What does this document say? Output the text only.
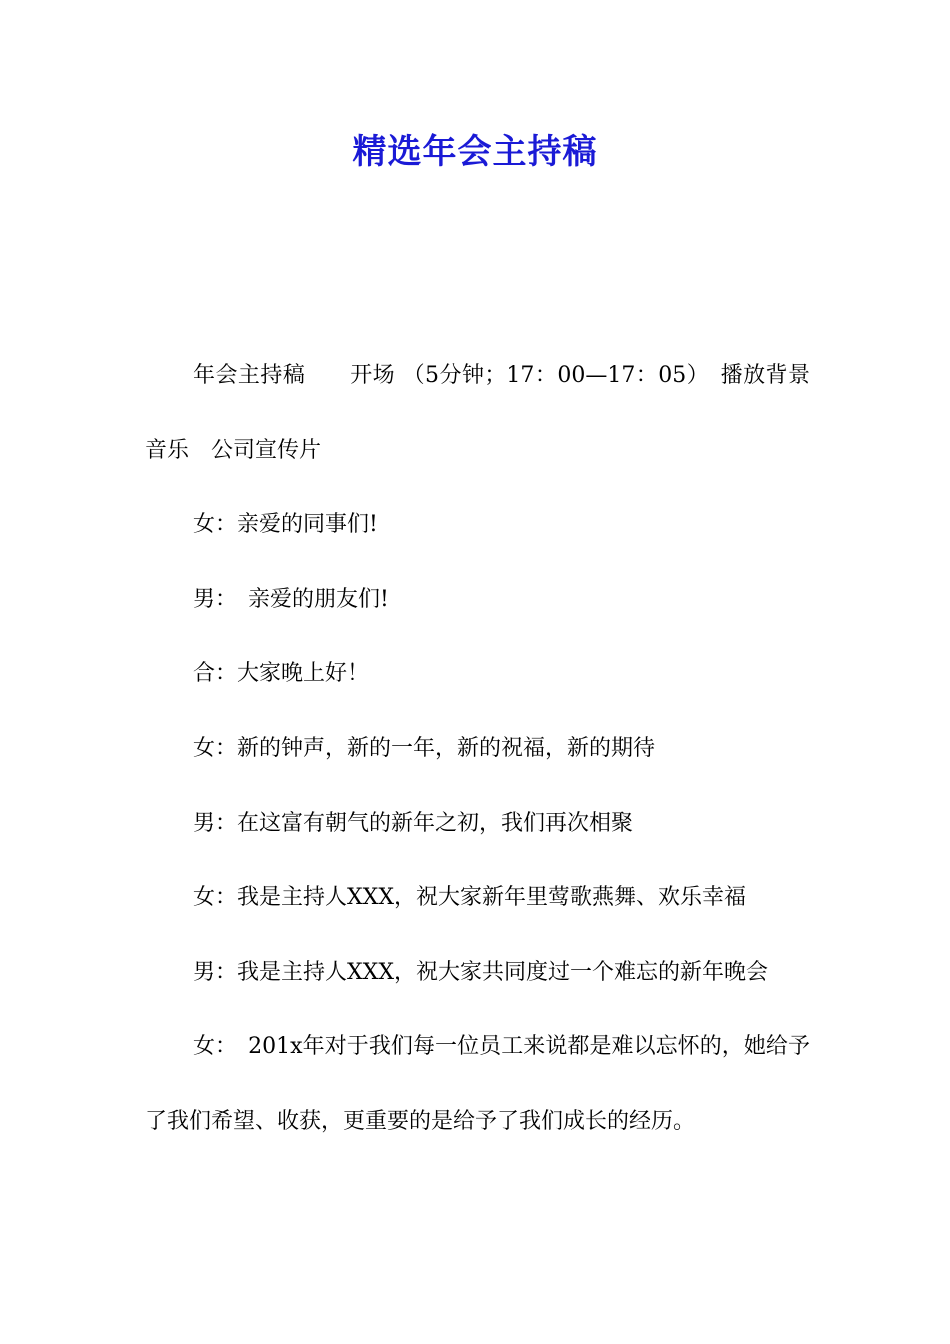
精选年会主持稿

年会主持稿　　开场 （5分钟；17：00—17：05）　播放背景音乐　公司宣传片

女：亲爱的同事们!

男：　亲爱的朋友们!

合：大家晚上好！

女：新的钟声，新的一年，新的祝福，新的期待

男：在这富有朝气的新年之初，我们再次相聚

女：我是主持人XXX，祝大家新年里莺歌燕舞、欢乐幸福

男：我是主持人XXX，祝大家共同度过一个难忘的新年晚会

女：　201x年对于我们每一位员工来说都是难以忘怀的，她给予了我们希望、收获，更重要的是给予了我们成长的经历。
